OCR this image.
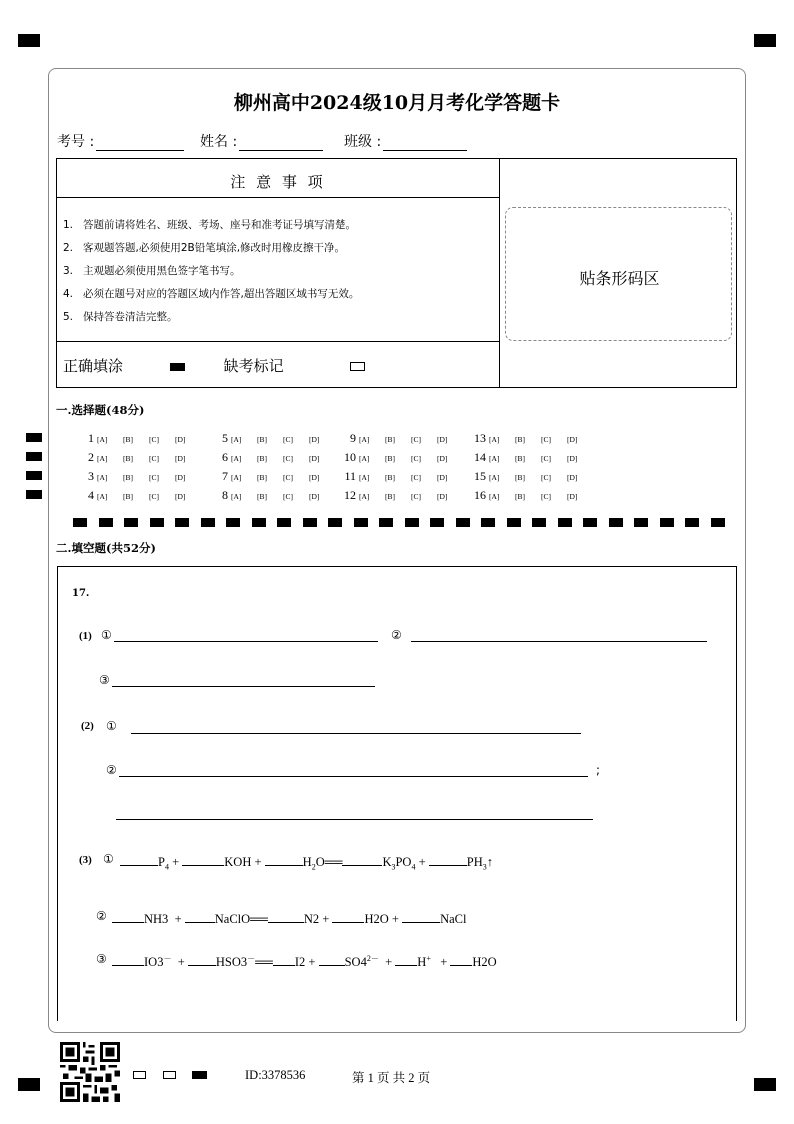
柳州高中2024级10月月考化学答题卡
考号 :	姓名 :	班级 :
注 意 事 项
1. 答题前请将姓名、班级、考场、座号和准考证号填写清楚。
2. 客观题答题,必须使用2B铅笔填涂,修改时用橡皮擦干净。
3. 主观题必须使用黑色签字笔书写。
4. 必须在题号对应的答题区域内作答,超出答题区域书写无效。
5. 保持答卷清洁完整。
正确填涂	缺考标记
贴条形码区
一.选择题(48分)
1 [A] [B] [C] [D]	5 [A] [B] [C] [D]	9 [A] [B] [C] [D]	13 [A] [B] [C] [D]
2 [A] [B] [C] [D]	6 [A] [B] [C] [D]	10 [A] [B] [C] [D]	14 [A] [B] [C] [D]
3 [A] [B] [C] [D]	7 [A] [B] [C] [D]	11 [A] [B] [C] [D]	15 [A] [B] [C] [D]
4 [A] [B] [C] [D]	8 [A] [B] [C] [D]	12 [A] [B] [C] [D]	16 [A] [B] [C] [D]
二.填空题(共52分)
17.
(1) ①	②
③
(2) ①
②	;
(3) ①	$P_4$ +	KOH +	$H_2O══$	$K_3PO_4$ +	$PH_3↑$
②	NH3 +	NaClO══	N2 +	H2O +	NaCl
③	IO3－ + HSO3－══ $I2 + SO4^{2-} + H^+ + H2O$
ID:3378536	第 1 页 共 2 页
